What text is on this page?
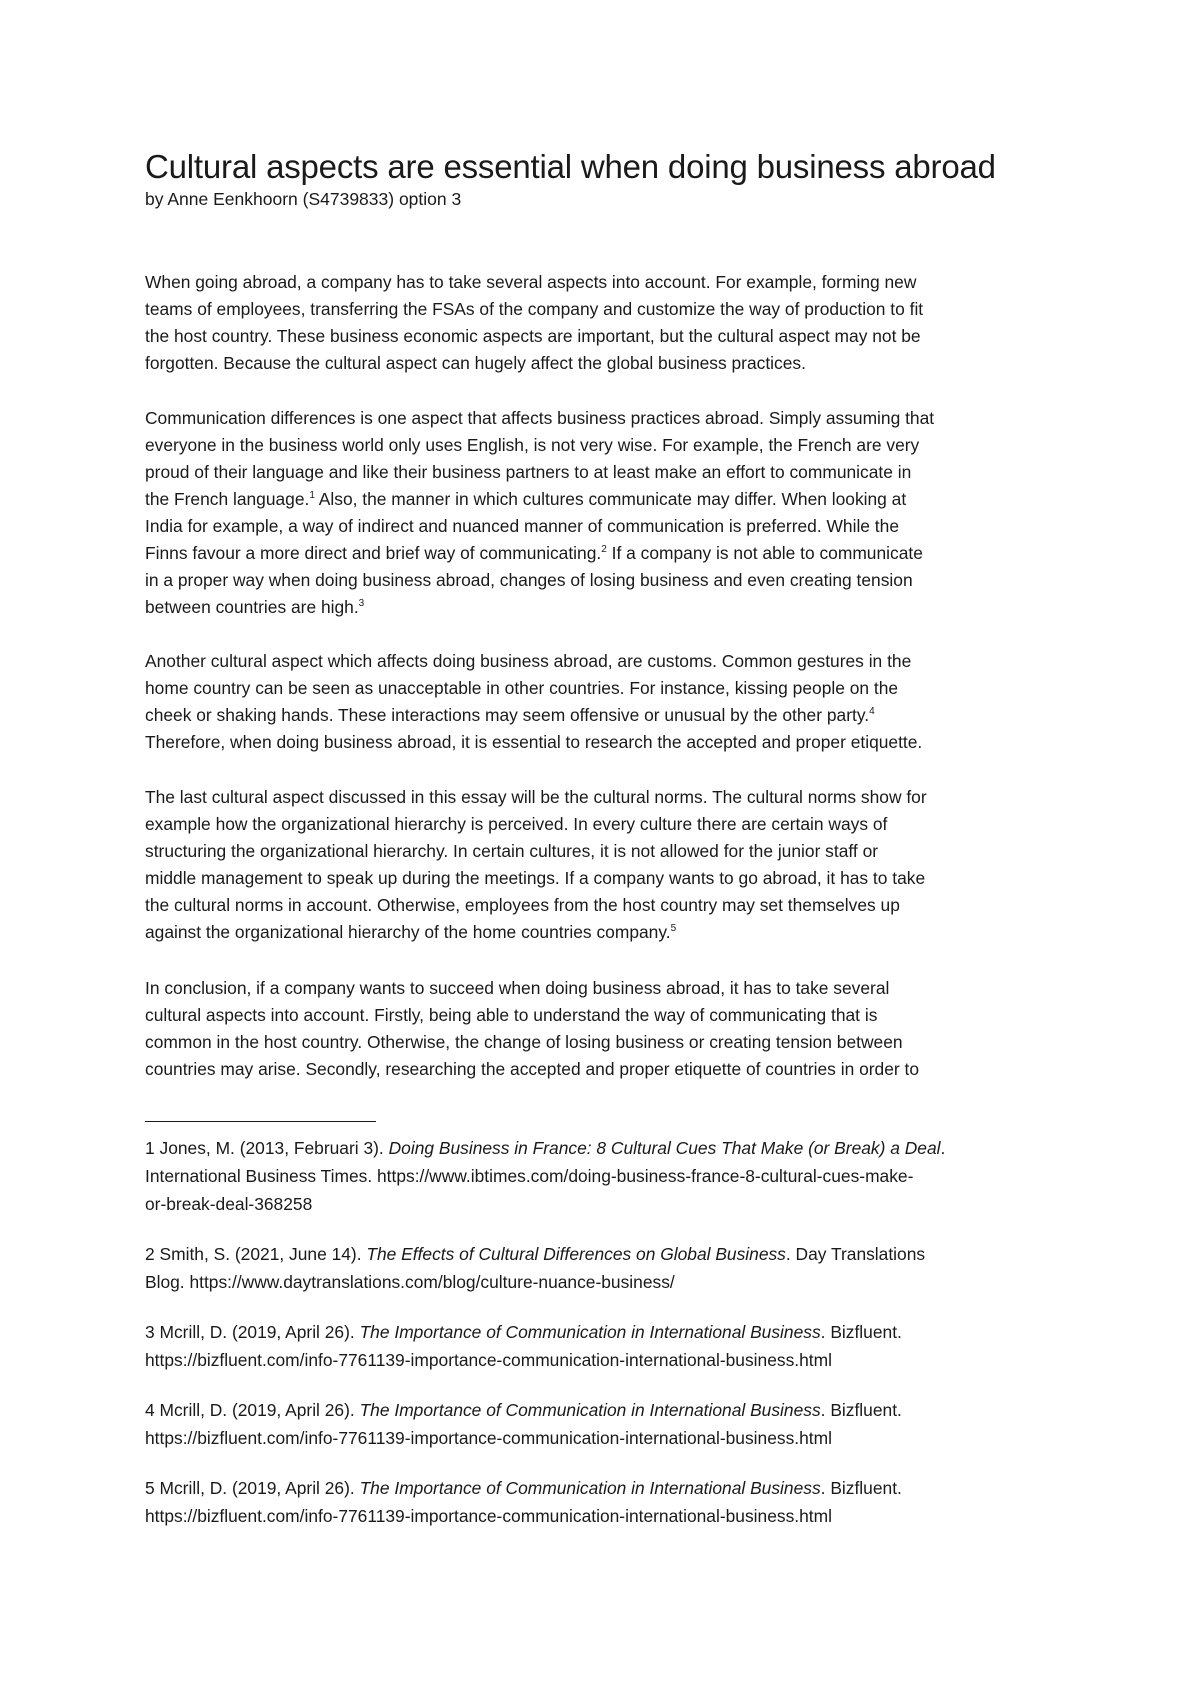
Cultural aspects are essential when doing business abroad
by Anne Eenkhoorn (S4739833) option 3
When going abroad, a company has to take several aspects into account. For example, forming new
teams of employees, transferring the FSAs of the company and customize the way of production to fit
the host country. These business economic aspects are important, but the cultural aspect may not be
forgotten. Because the cultural aspect can hugely affect the global business practices.
Communication differences is one aspect that affects business practices abroad. Simply assuming that
everyone in the business world only uses English, is not very wise. For example, the French are very
proud of their language and like their business partners to at least make an effort to communicate in
the French language.$^1$ Also, the manner in which cultures communicate may differ. When looking at
India for example, a way of indirect and nuanced manner of communication is preferred. While the
Finns favour a more direct and brief way of communicating.$^2$ If a company is not able to communicate
in a proper way when doing business abroad, changes of losing business and even creating tension
between countries are high.$^3$
Another cultural aspect which affects doing business abroad, are customs. Common gestures in the
home country can be seen as unacceptable in other countries. For instance, kissing people on the
cheek or shaking hands. These interactions may seem offensive or unusual by the other party.$^4$
Therefore, when doing business abroad, it is essential to research the accepted and proper etiquette.
The last cultural aspect discussed in this essay will be the cultural norms. The cultural norms show for
example how the organizational hierarchy is perceived. In every culture there are certain ways of
structuring the organizational hierarchy. In certain cultures, it is not allowed for the junior staff or
middle management to speak up during the meetings. If a company wants to go abroad, it has to take
the cultural norms in account. Otherwise, employees from the host country may set themselves up
against the organizational hierarchy of the home countries company.$^5$
In conclusion, if a company wants to succeed when doing business abroad, it has to take several
cultural aspects into account. Firstly, being able to understand the way of communicating that is
common in the host country. Otherwise, the change of losing business or creating tension between
countries may arise. Secondly, researching the accepted and proper etiquette of countries in order to
1 Jones, M. (2013, Februari 3). Doing Business in France: 8 Cultural Cues That Make (or Break) a Deal.
International Business Times. https://www.ibtimes.com/doing-business-france-8-cultural-cues-make-
or-break-deal-368258
2 Smith, S. (2021, June 14). The Effects of Cultural Differences on Global Business. Day Translations
Blog. https://www.daytranslations.com/blog/culture-nuance-business/
3 Mcrill, D. (2019, April 26). The Importance of Communication in International Business. Bizfluent.
https://bizfluent.com/info-7761139-importance-communication-international-business.html
4 Mcrill, D. (2019, April 26). The Importance of Communication in International Business. Bizfluent.
https://bizfluent.com/info-7761139-importance-communication-international-business.html
5 Mcrill, D. (2019, April 26). The Importance of Communication in International Business. Bizfluent.
https://bizfluent.com/info-7761139-importance-communication-international-business.html
